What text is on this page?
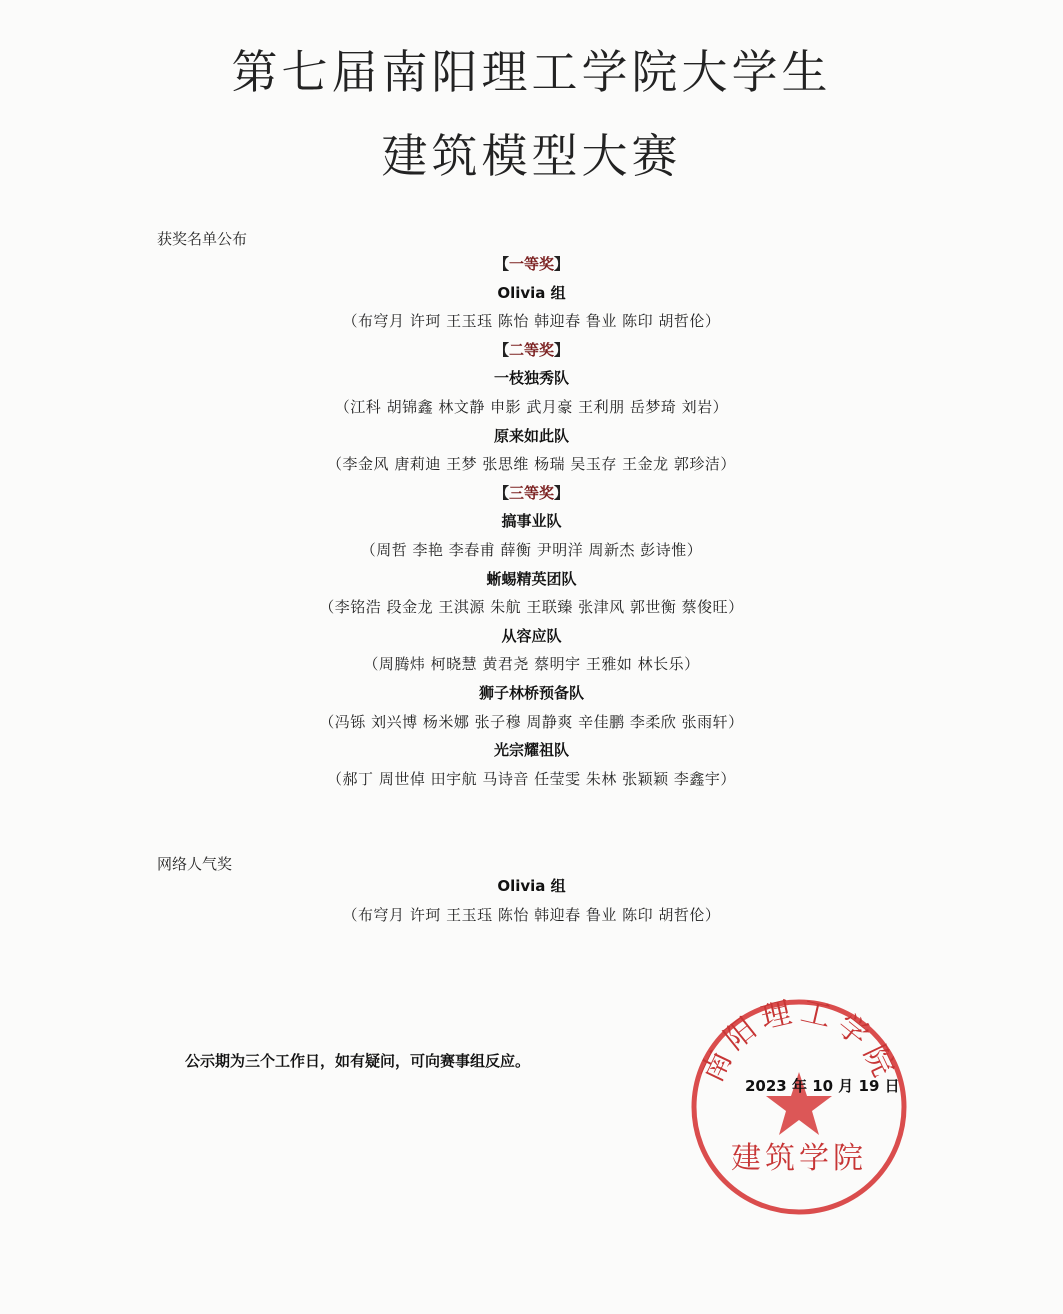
第七届南阳理工学院大学生
建筑模型大赛
获奖名单公布
【一等奖】
Olivia 组
（布穹月 许珂 王玉珏 陈怡 韩迎春 鲁业 陈印 胡哲伦）
【二等奖】
一枝独秀队
（江科 胡锦鑫 林文静 申影 武月豪 王利朋 岳梦琦 刘岩）
原来如此队
（李金风 唐莉迪 王梦 张思维 杨瑞 吴玉存 王金龙 郭珍洁）
【三等奖】
搞事业队
（周哲 李艳 李春甫 薛衡 尹明洋 周新杰 彭诗惟）
蜥蜴精英团队
（李铭浩 段金龙 王淇源 朱航 王联臻 张津风 郭世衡 蔡俊旺）
从容应队
（周腾炜 柯晓慧 黄君尧 蔡明宇 王雅如 林长乐）
狮子林桥预备队
（冯铄 刘兴博 杨米娜 张子穆 周静爽 辛佳鹏 李柔欣 张雨轩）
光宗耀祖队
（郝丁 周世倬 田宇航 马诗音 任莹雯 朱林 张颖颖 李鑫宇）
网络人气奖
Olivia 组
（布穹月 许珂 王玉珏 陈怡 韩迎春 鲁业 陈印 胡哲伦）
公示期为三个工作日，如有疑问，可向赛事组反应。	南阳理工学院
建筑学院
2023 年 10 月 19 日
